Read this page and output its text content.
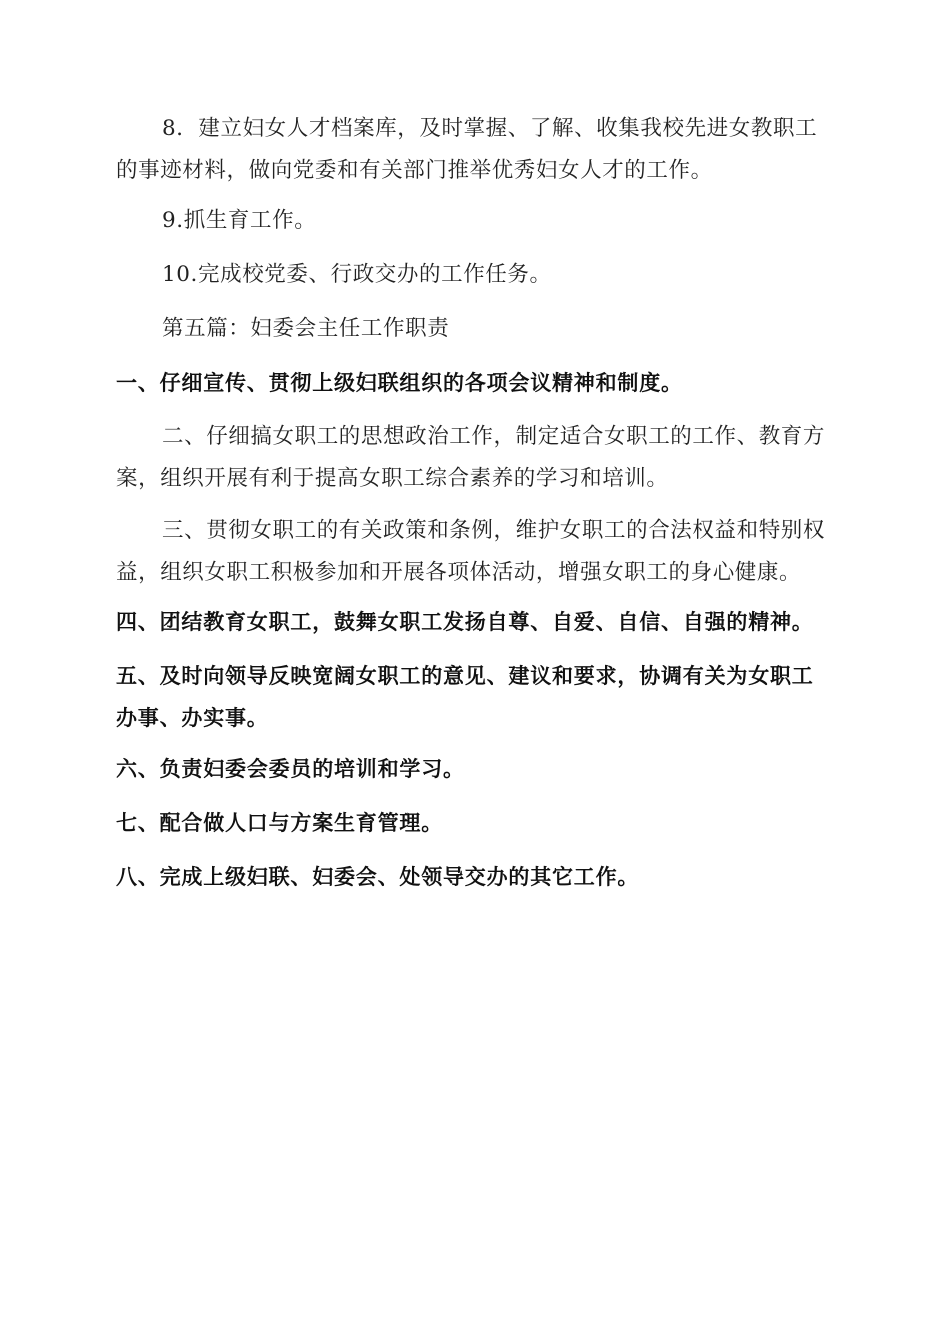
8．建立妇女人才档案库，及时掌握、了解、收集我校先进女教职工的事迹材料，做向党委和有关部门推举优秀妇女人才的工作。

9.抓生育工作。

10.完成校党委、行政交办的工作任务。

第五篇：妇委会主任工作职责

一、仔细宣传、贯彻上级妇联组织的各项会议精神和制度。

二、仔细搞女职工的思想政治工作，制定适合女职工的工作、教育方案，组织开展有利于提高女职工综合素养的学习和培训。

三、贯彻女职工的有关政策和条例，维护女职工的合法权益和特别权益，组织女职工积极参加和开展各项体活动，增强女职工的身心健康。

四、团结教育女职工，鼓舞女职工发扬自尊、自爱、自信、自强的精神。

五、及时向领导反映宽阔女职工的意见、建议和要求，协调有关为女职工办事、办实事。

六、负责妇委会委员的培训和学习。

七、配合做人口与方案生育管理。

八、完成上级妇联、妇委会、处领导交办的其它工作。
